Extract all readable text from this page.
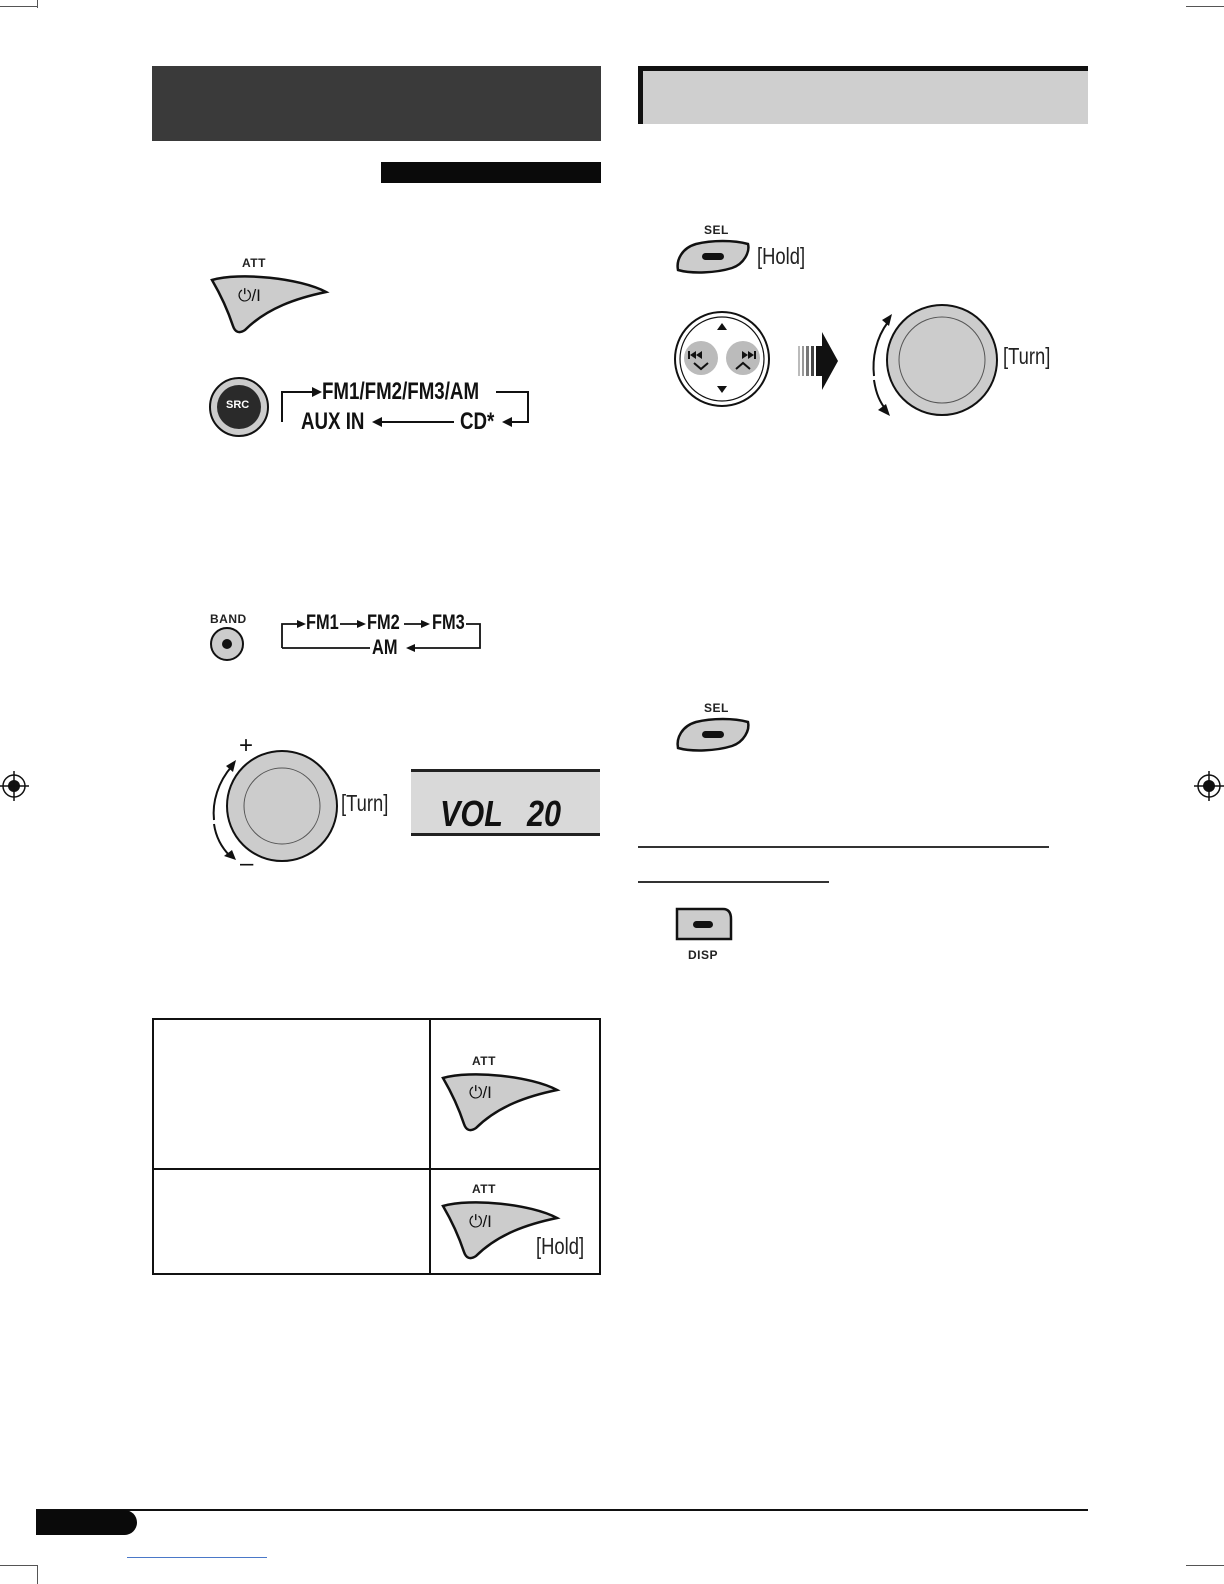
ATT
⏻/I
SRC	FM1/FM2/FM3/AM
AUX IN	CD*
BAND	FM1 FM2 FM3
AM
+
–
[Turn] VOL 20
ATT
⏻/I
ATT
⏻/I
[Hold]
SEL
[Hold]
[Turn]
SEL
DISP
